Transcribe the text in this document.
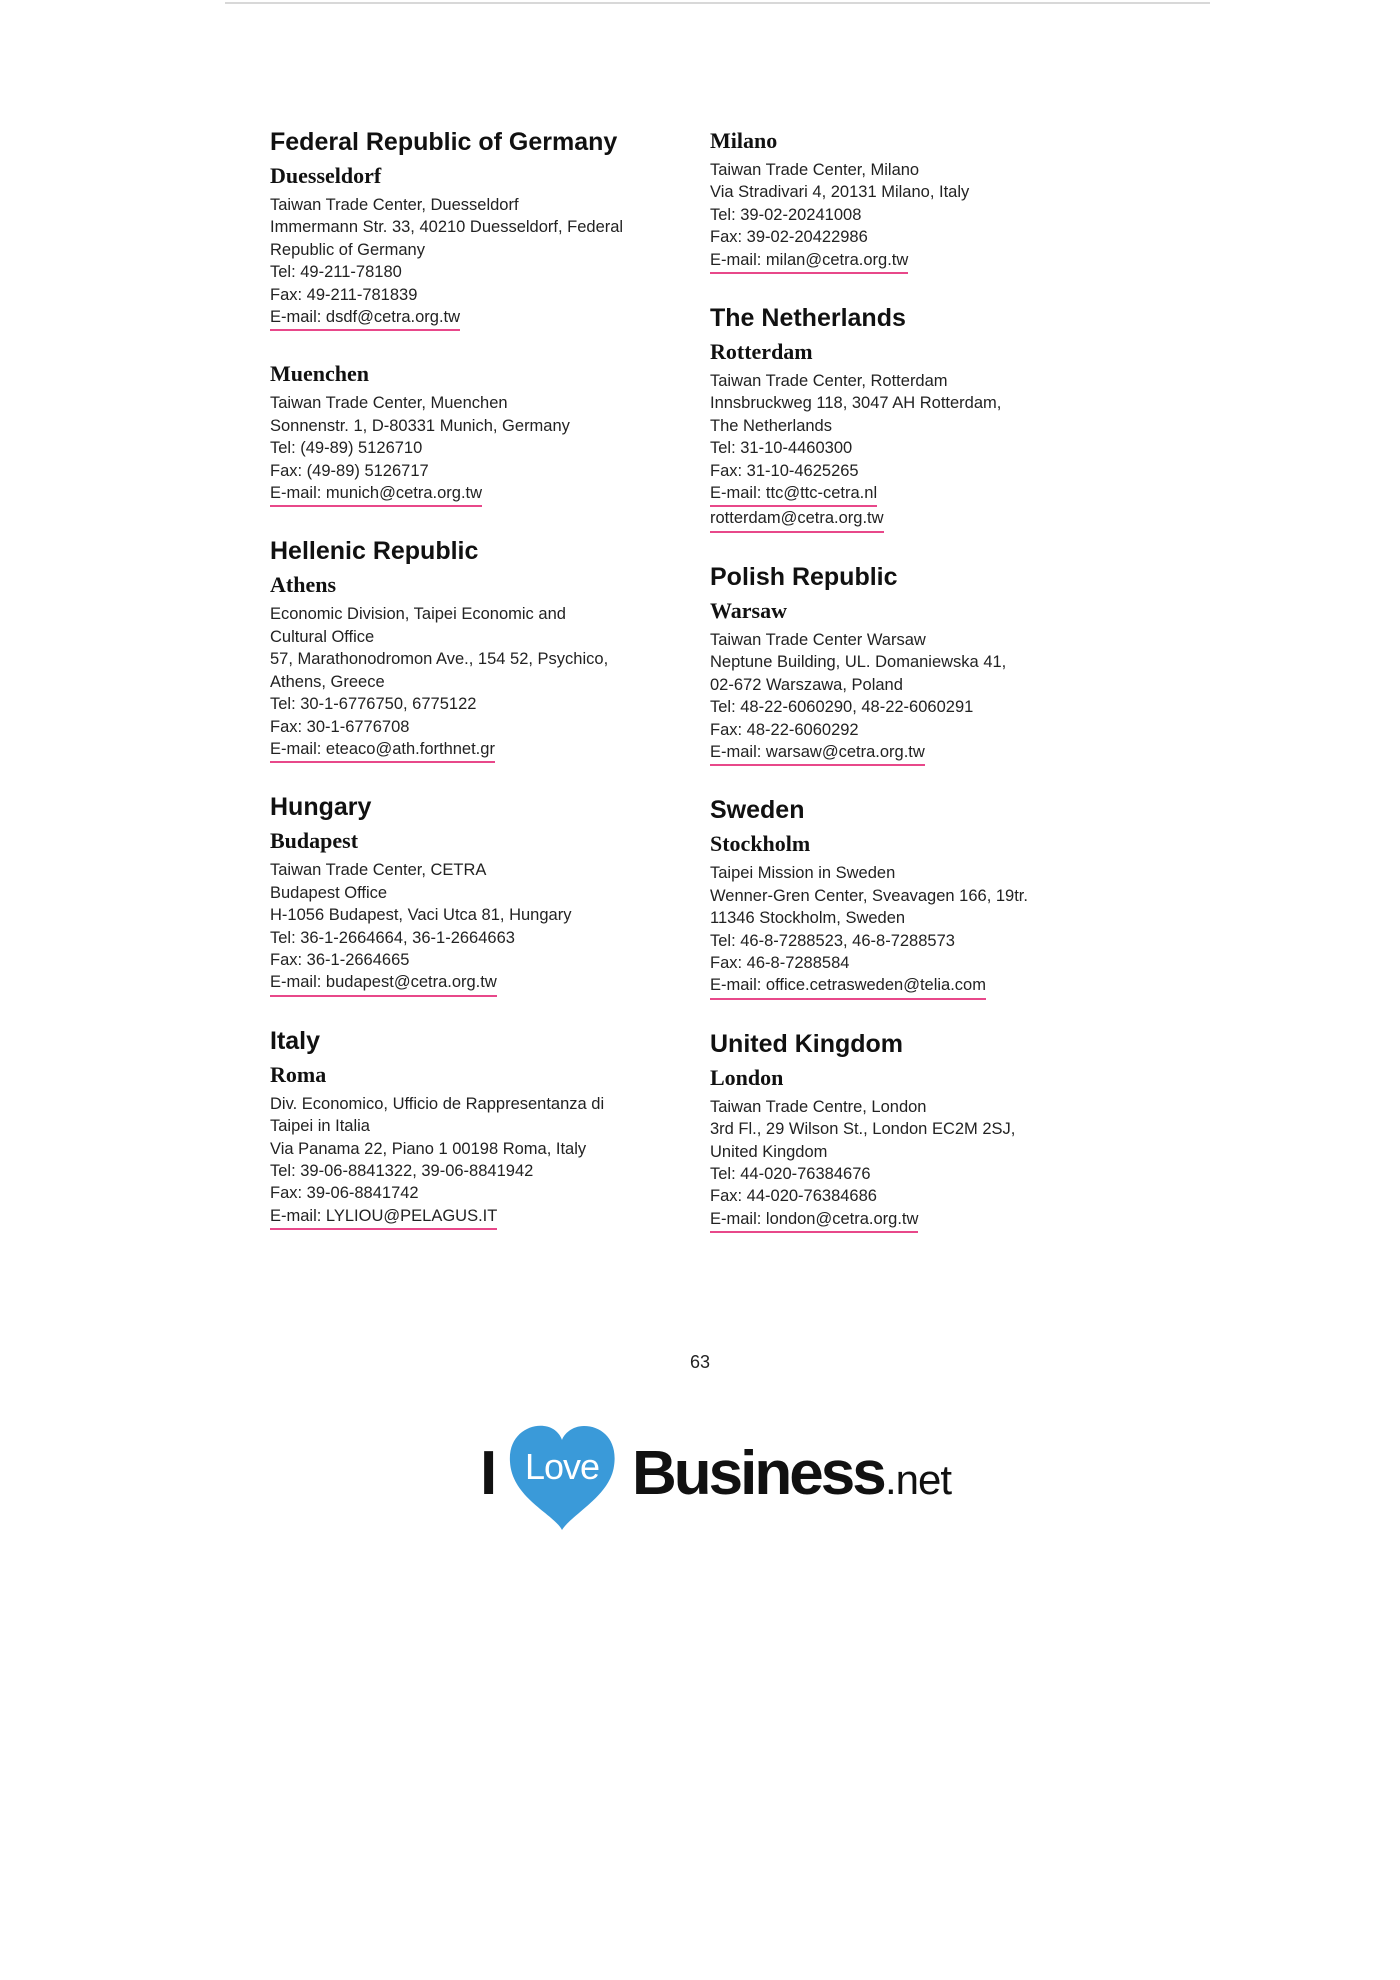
Federal Republic of Germany
Duesseldorf
Taiwan Trade Center, Duesseldorf
Immermann Str. 33, 40210 Duesseldorf, Federal
Republic of Germany
Tel: 49-211-78180
Fax: 49-211-781839
E-mail: dsdf@cetra.org.tw
Muenchen
Taiwan Trade Center, Muenchen
Sonnenstr. 1, D-80331 Munich, Germany
Tel: (49-89) 5126710
Fax: (49-89) 5126717
E-mail: munich@cetra.org.tw
Hellenic Republic
Athens
Economic Division, Taipei Economic and
Cultural Office
57, Marathonodromon Ave., 154 52, Psychico,
Athens, Greece
Tel: 30-1-6776750, 6775122
Fax: 30-1-6776708
E-mail: eteaco@ath.forthnet.gr
Hungary
Budapest
Taiwan Trade Center, CETRA
Budapest Office
H-1056 Budapest, Vaci Utca 81, Hungary
Tel: 36-1-2664664, 36-1-2664663
Fax: 36-1-2664665
E-mail: budapest@cetra.org.tw
Italy
Roma
Div. Economico, Ufficio de Rappresentanza di
Taipei in Italia
Via Panama 22, Piano 1 00198 Roma, Italy
Tel: 39-06-8841322, 39-06-8841942
Fax: 39-06-8841742
E-mail: LYLIOU@PELAGUS.IT
Milano
Taiwan Trade Center, Milano
Via Stradivari 4, 20131 Milano, Italy
Tel: 39-02-20241008
Fax: 39-02-20422986
E-mail: milan@cetra.org.tw
The Netherlands
Rotterdam
Taiwan Trade Center, Rotterdam
Innsbruckweg 118, 3047 AH Rotterdam,
The Netherlands
Tel: 31-10-4460300
Fax: 31-10-4625265
E-mail: ttc@ttc-cetra.nl
rotterdam@cetra.org.tw
Polish Republic
Warsaw
Taiwan Trade Center Warsaw
Neptune Building, UL. Domaniewska 41,
02-672 Warszawa, Poland
Tel: 48-22-6060290, 48-22-6060291
Fax: 48-22-6060292
E-mail: warsaw@cetra.org.tw
Sweden
Stockholm
Taipei Mission in Sweden
Wenner-Gren Center, Sveavagen 166, 19tr.
11346 Stockholm, Sweden
Tel: 46-8-7288523, 46-8-7288573
Fax: 46-8-7288584
E-mail: office.cetrasweden@telia.com
United Kingdom
London
Taiwan Trade Centre, London
3rd Fl., 29 Wilson St., London EC2M 2SJ,
United Kingdom
Tel: 44-020-76384676
Fax: 44-020-76384686
E-mail: london@cetra.org.tw
63
I Love Business .net
